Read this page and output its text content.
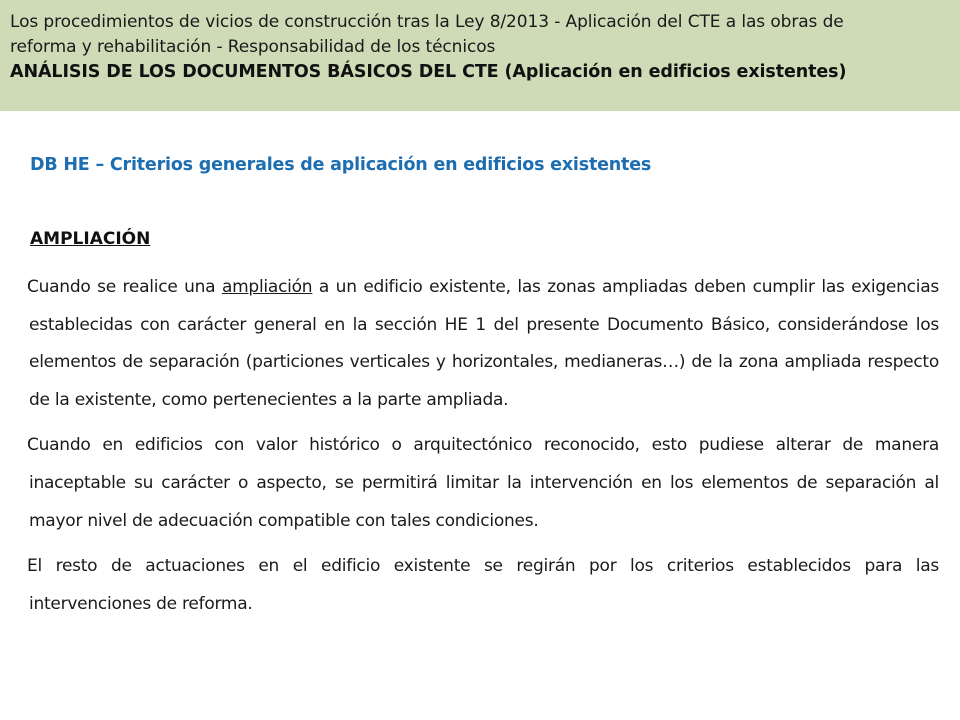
Los procedimientos de vicios de construcción tras la Ley 8/2013 - Aplicación del CTE a las obras de
reforma y rehabilitación - Responsabilidad de los técnicos
ANÁLISIS DE LOS DOCUMENTOS BÁSICOS DEL CTE (Aplicación en edificios existentes)
DB HE – Criterios generales de aplicación en edificios existentes
AMPLIACIÓN

Cuando se realice una ampliación a un edificio existente, las zonas ampliadas deben cumplir las exigencias establecidas con carácter general en la sección HE 1 del presente Documento Básico, considerándose los elementos de separación (particiones verticales y horizontales, medianeras…) de la zona ampliada respecto de la existente, como pertenecientes a la parte ampliada.

Cuando en edificios con valor histórico o arquitectónico reconocido, esto pudiese alterar de manera inaceptable su carácter o aspecto, se permitirá limitar la intervención en los elementos de separación al mayor nivel de adecuación compatible con tales condiciones.

El resto de actuaciones en el edificio existente se regirán por los criterios establecidos para las intervenciones de reforma.
